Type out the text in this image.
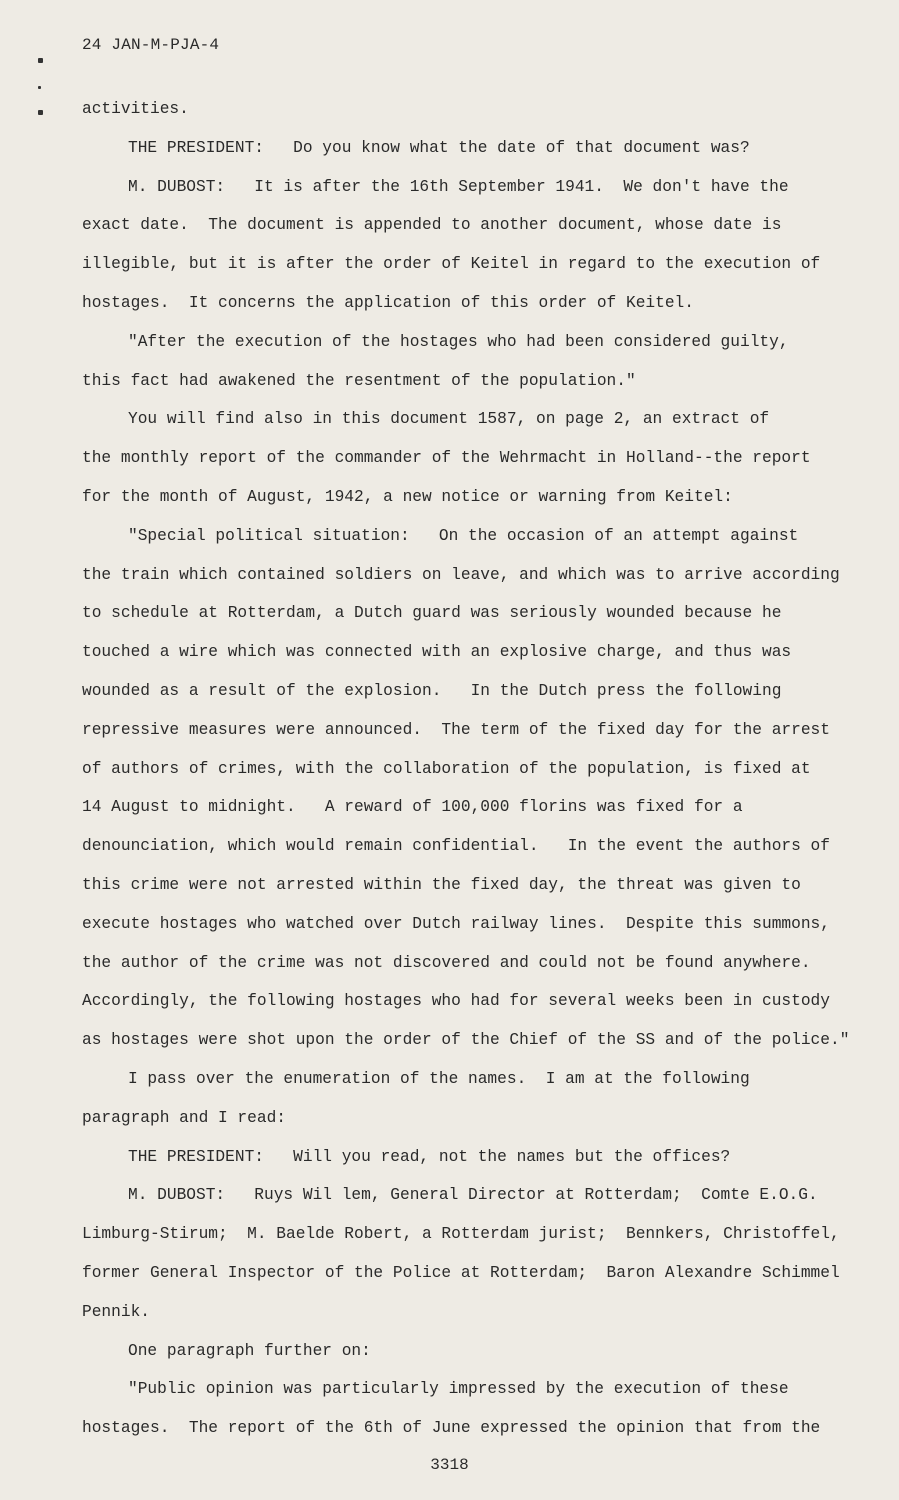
24 JAN-M-PJA-4
activities.
THE PRESIDENT:   Do you know what the date of that document was?
M. DUBOST:   It is after the 16th September 1941.  We don't have the
exact date.  The document is appended to another document, whose date is
illegible, but it is after the order of Keitel in regard to the execution of
hostages.  It concerns the application of this order of Keitel.
"After the execution of the hostages who had been considered guilty,
this fact had awakened the resentment of the population."
You will find also in this document 1587, on page 2, an extract of
the monthly report of the commander of the Wehrmacht in Holland--the report
for the month of August, 1942, a new notice or warning from Keitel:
"Special political situation:   On the occasion of an attempt against
the train which contained soldiers on leave, and which was to arrive according
to schedule at Rotterdam, a Dutch guard was seriously wounded because he
touched a wire which was connected with an explosive charge, and thus was
wounded as a result of the explosion.   In the Dutch press the following
repressive measures were announced.  The term of the fixed day for the arrest
of authors of crimes, with the collaboration of the population, is fixed at
14 August to midnight.   A reward of 100,000 florins was fixed for a
denounciation, which would remain confidential.   In the event the authors of
this crime were not arrested within the fixed day, the threat was given to
execute hostages who watched over Dutch railway lines.  Despite this summons,
the author of the crime was not discovered and could not be found anywhere.
Accordingly, the following hostages who had for several weeks been in custody
as hostages were shot upon the order of the Chief of the SS and of the police."
I pass over the enumeration of the names.  I am at the following
paragraph and I read:
THE PRESIDENT:   Will you read, not the names but the offices?
M. DUBOST:   Ruys Wil lem, General Director at Rotterdam;  Comte E.O.G.
Limburg-Stirum;  M. Baelde Robert, a Rotterdam jurist;  Bennkers, Christoffel,
former General Inspector of the Police at Rotterdam;  Baron Alexandre Schimmel
Pennik.
One paragraph further on:
"Public opinion was particularly impressed by the execution of these
hostages.  The report of the 6th of June expressed the opinion that from the
3318
